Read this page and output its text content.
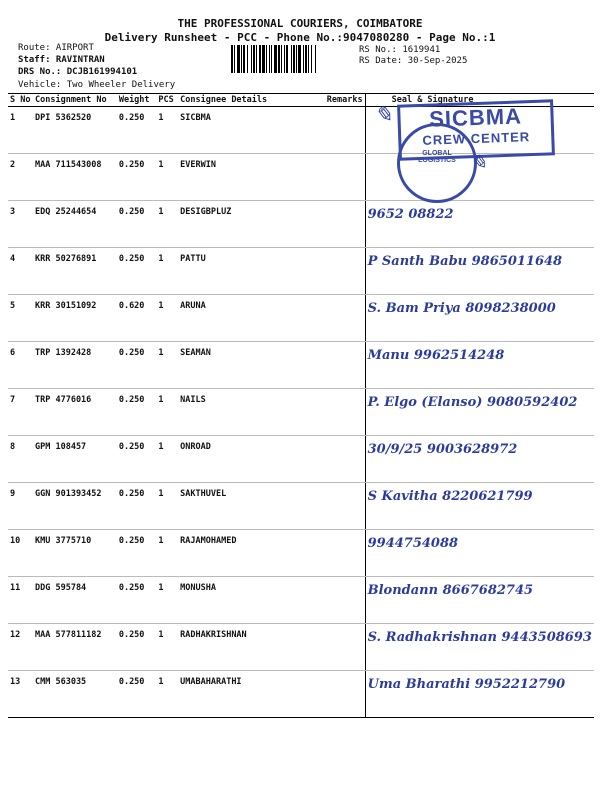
THE PROFESSIONAL COURIERS, COIMBATORE
Delivery Runsheet - PCC - Phone No.:9047080280 - Page No.:1
Route: AIRPORT
Staff: RAVINTRAN
DRS No.: DCJB161994101
Vehicle: Two Wheeler Delivery
RS No.: 1619941
RS Date: 30-Sep-2025
S No	Consignment No	Weight	PCS	Consignee Details	Remarks	Seal & Signature
1	DPI 5362520	0.250	1	SICBMA		
2	MAA 711543008	0.250	1	EVERWIN		
3	EDQ 25244654	0.250	1	DESIGBPLUZ		9652 08822
4	KRR 50276891	0.250	1	PATTU		P Santh Babu 9865011648
5	KRR 30151092	0.620	1	ARUNA		S. Bam Priya 8098238000
6	TRP 1392428	0.250	1	SEAMAN		Manu 9962514248
7	TRP 4776016	0.250	1	NAILS		P. Elgo (Elanso) 9080592402
8	GPM 108457	0.250	1	ONROAD		30/9/25 9003628972
9	GGN 901393452	0.250	1	SAKTHUVEL		S Kavitha 8220621799
10	KMU 3775710	0.250	1	RAJAMOHAMED		9944754088
11	DDG 595784	0.250	1	MONUSHA		Blondann 8667682745
12	MAA 577811182	0.250	1	RADHAKRISHNAN		S. Radhakrishnan 9443508693
13	CMM 563035	0.250	1	UMABAHARATHI		Uma Bharathi 9952212790
GLOBAL LOGISTICS
SICBMA
CREW CENTER
✎
✎
